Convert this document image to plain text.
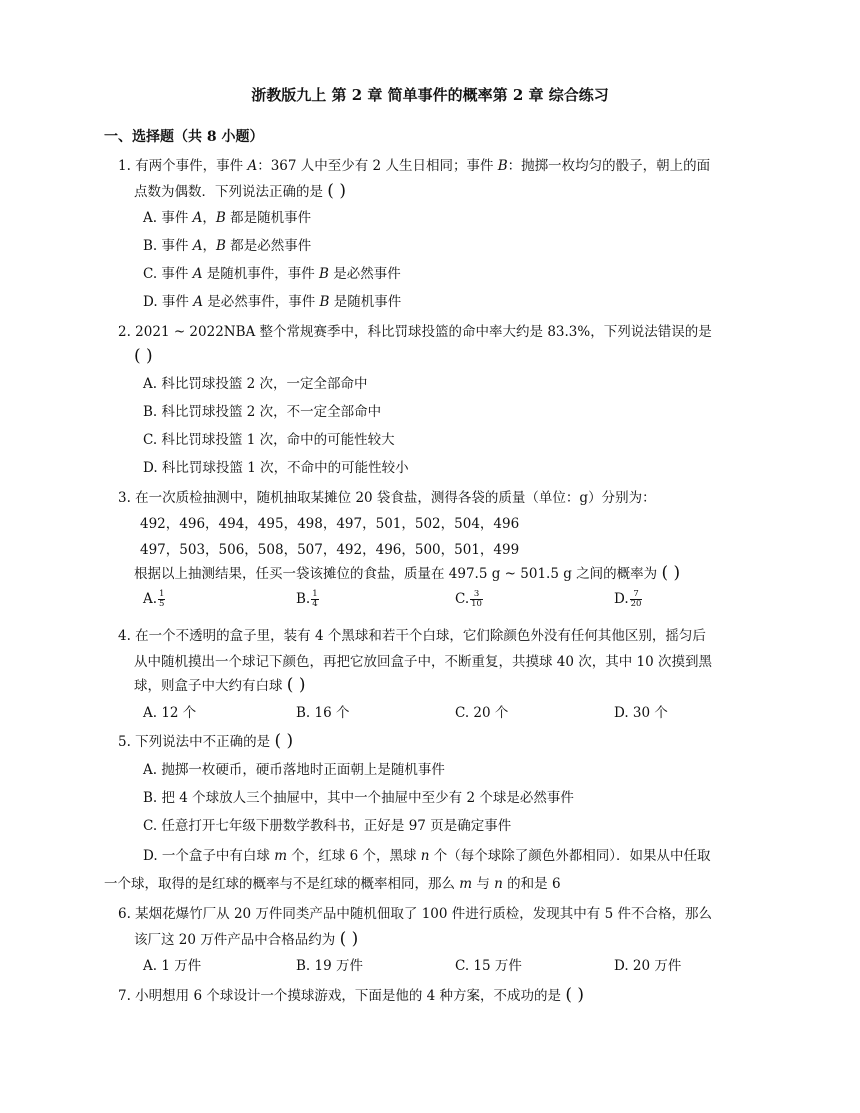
浙教版九上 第 2 章 简单事件的概率第 2 章 综合练习
一、选择题（共 8 小题）
1. 有两个事件，事件 𝐴：367 人中至少有 2 人生日相同；事件 𝐵：抛掷一枚均匀的骰子，朝上的面
点数为偶数．下列说法正确的是 ( )
A. 事件 𝐴，𝐵 都是随机事件
B. 事件 𝐴，𝐵 都是必然事件
C. 事件 𝐴 是随机事件，事件 𝐵 是必然事件
D. 事件 𝐴 是必然事件，事件 𝐵 是随机事件
2. 2021 ~ 2022NBA 整个常规赛季中，科比罚球投篮的命中率大约是 83.3%，下列说法错误的是
( )
A. 科比罚球投篮 2 次，一定全部命中
B. 科比罚球投篮 2 次，不一定全部命中
C. 科比罚球投篮 1 次，命中的可能性较大
D. 科比罚球投篮 1 次，不命中的可能性较小
3. 在一次质检抽测中，随机抽取某摊位 20 袋食盐，测得各袋的质量（单位：g）分别为：
492，496，494，495，498，497，501，502，504，496
497，503，506，508，507，492，496，500，501，499
根据以上抽测结果，任买一袋该摊位的食盐，质量在 497.5 g ~ 501.5 g 之间的概率为 ( )
A. $\frac{1}{5}$	B. $\frac{1}{4}$	C. $\frac{3}{10}$	D. $\frac{7}{20}$
4. 在一个不透明的盒子里，装有 4 个黑球和若干个白球，它们除颜色外没有任何其他区别，摇匀后
从中随机摸出一个球记下颜色，再把它放回盒子中，不断重复，共摸球 40 次，其中 10 次摸到黑
球，则盒子中大约有白球 ( )
A. 12 个	B. 16 个	C. 20 个	D. 30 个
5. 下列说法中不正确的是 ( )
A. 抛掷一枚硬币，硬币落地时正面朝上是随机事件
B. 把 4 个球放人三个抽屉中，其中一个抽屉中至少有 2 个球是必然事件
C. 任意打开七年级下册数学教科书，正好是 97 页是确定事件
D. 一个盒子中有白球 𝑚 个，红球 6 个，黑球 𝑛 个（每个球除了颜色外都相同）．如果从中任取
一个球，取得的是红球的概率与不是红球的概率相同，那么 𝑚 与 𝑛 的和是 6
6. 某烟花爆竹厂从 20 万件同类产品中随机佃取了 100 件进行质检，发现其中有 5 件不合格，那么
该厂这 20 万件产品中合格品约为 ( )
A. 1 万件	B. 19 万件	C. 15 万件	D. 20 万件
7. 小明想用 6 个球设计一个摸球游戏，下面是他的 4 种方案，不成功的是 ( )
